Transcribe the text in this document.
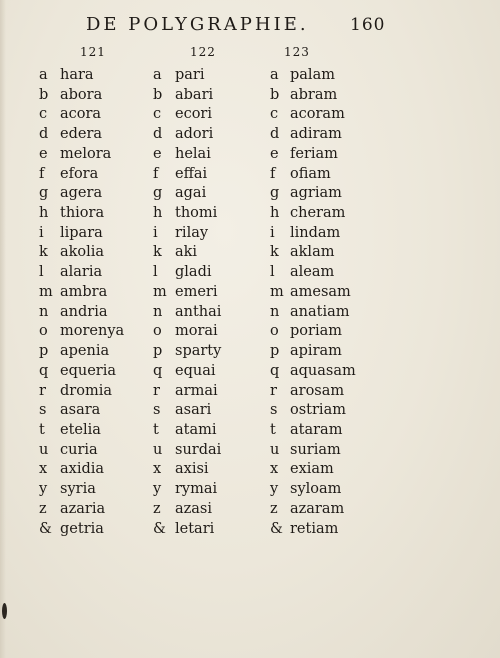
DE POLYGRAPHIE. 160
121	122	123
a hara	a pari	a palam
b abora	b abari	b abram
c acora	c ecori	c acoram
d edera	d adori	d adiram
e melora	e helai	e feriam
f efora	f effai	f ofiam
g agera	g agai	g agriam
h thiora	h thomi	h cheram
i lipara	i rilay	i lindam
k akolia	k aki	k aklam
l alaria	l gladi	l aleam
m ambra	m emeri	m amesam
n andria	n anthai	n anatiam
o morenya o morai	o poriam
p apenia	p sparty	p apiram
q equeria	q equai	q aquasam
r dromia	r armai	r arosam
s asara	s asari	s ostriam
t etelia	t atami	t ataram
u curia	u surdai	u suriam
x axidia	x axisi	x exiam
y syria	y rymai	y syloam
z azaria	z azasi	z azaram
& getria	& letari	& retiam
